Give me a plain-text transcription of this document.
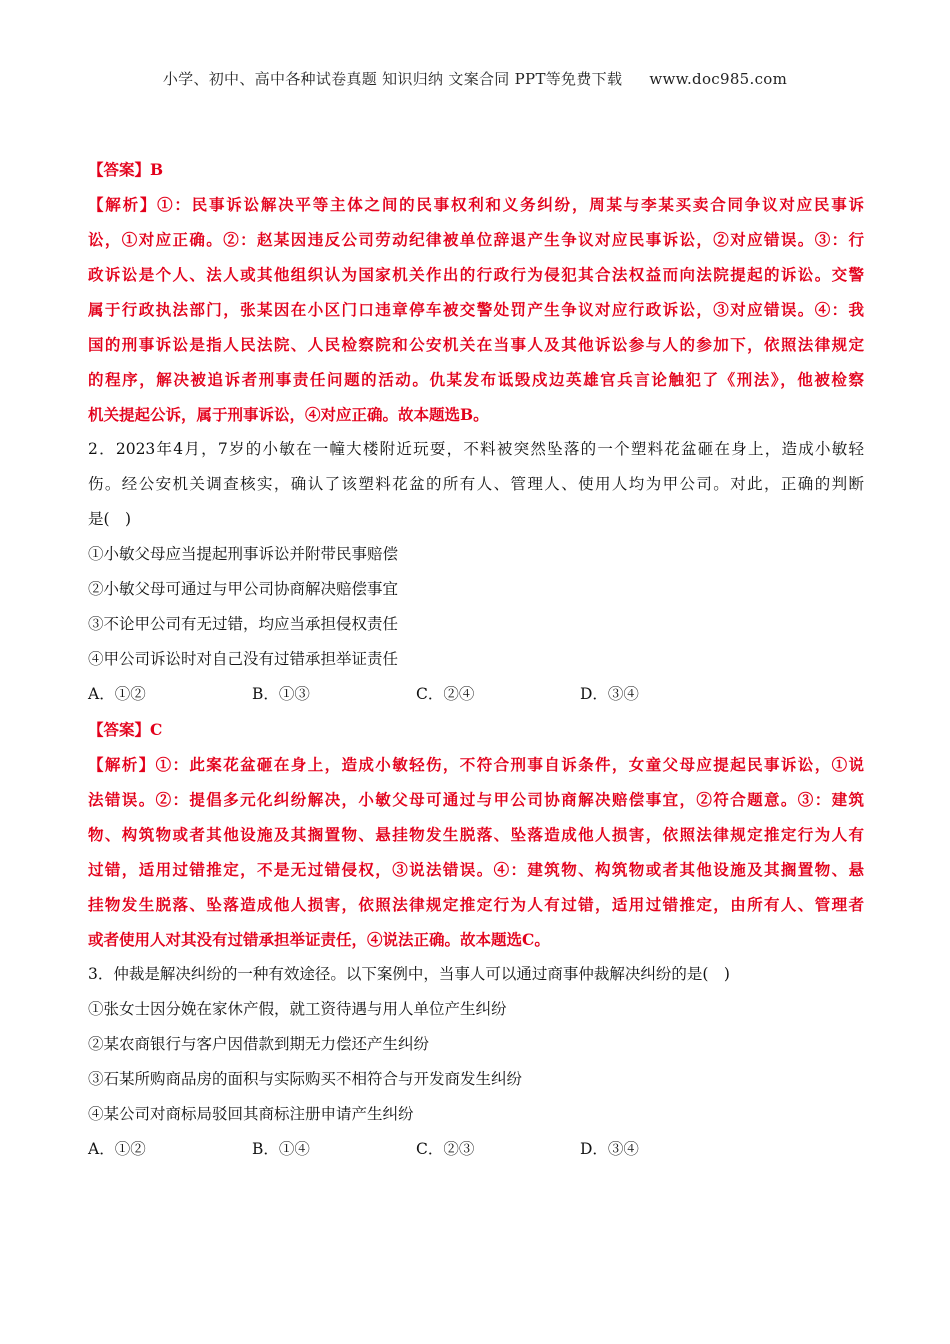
小学、初中、高中各种试卷真题 知识归纳 文案合同 PPT等免费下载 www.doc985.com
【答案】B
【解析】①：民事诉讼解决平等主体之间的民事权利和义务纠纷，周某与李某买卖合同争议对应民事诉
讼，①对应正确。②：赵某因违反公司劳动纪律被单位辞退产生争议对应民事诉讼，②对应错误。③：行
政诉讼是个人、法人或其他组织认为国家机关作出的行政行为侵犯其合法权益而向法院提起的诉讼。交警
属于行政执法部门，张某因在小区门口违章停车被交警处罚产生争议对应行政诉讼，③对应错误。④：我
国的刑事诉讼是指人民法院、人民检察院和公安机关在当事人及其他诉讼参与人的参加下，依照法律规定
的程序，解决被追诉者刑事责任问题的活动。仇某发布诋毁戍边英雄官兵言论触犯了《刑法》，他被检察
机关提起公诉，属于刑事诉讼，④对应正确。故本题选B。
2．2023年4月，7岁的小敏在一幢大楼附近玩耍，不料被突然坠落的一个塑料花盆砸在身上，造成小敏轻
伤。经公安机关调查核实，确认了该塑料花盆的所有人、管理人、使用人均为甲公司。对此，正确的判断
是(　)
①小敏父母应当提起刑事诉讼并附带民事赔偿
②小敏父母可通过与甲公司协商解决赔偿事宜
③不论甲公司有无过错，均应当承担侵权责任
④甲公司诉讼时对自己没有过错承担举证责任
A．①②	B．①③	C．②④	D．③④
【答案】C
【解析】①：此案花盆砸在身上，造成小敏轻伤，不符合刑事自诉条件，女童父母应提起民事诉讼，①说
法错误。②：提倡多元化纠纷解决，小敏父母可通过与甲公司协商解决赔偿事宜，②符合题意。③：建筑
物、构筑物或者其他设施及其搁置物、悬挂物发生脱落、坠落造成他人损害，依照法律规定推定行为人有
过错，适用过错推定，不是无过错侵权，③说法错误。④：建筑物、构筑物或者其他设施及其搁置物、悬
挂物发生脱落、坠落造成他人损害，依照法律规定推定行为人有过错，适用过错推定，由所有人、管理者
或者使用人对其没有过错承担举证责任，④说法正确。故本题选C。
3．仲裁是解决纠纷的一种有效途径。以下案例中，当事人可以通过商事仲裁解决纠纷的是(　)
①张女士因分娩在家休产假，就工资待遇与用人单位产生纠纷
②某农商银行与客户因借款到期无力偿还产生纠纷
③石某所购商品房的面积与实际购买不相符合与开发商发生纠纷
④某公司对商标局驳回其商标注册申请产生纠纷
A．①②	B．①④	C．②③	D．③④
